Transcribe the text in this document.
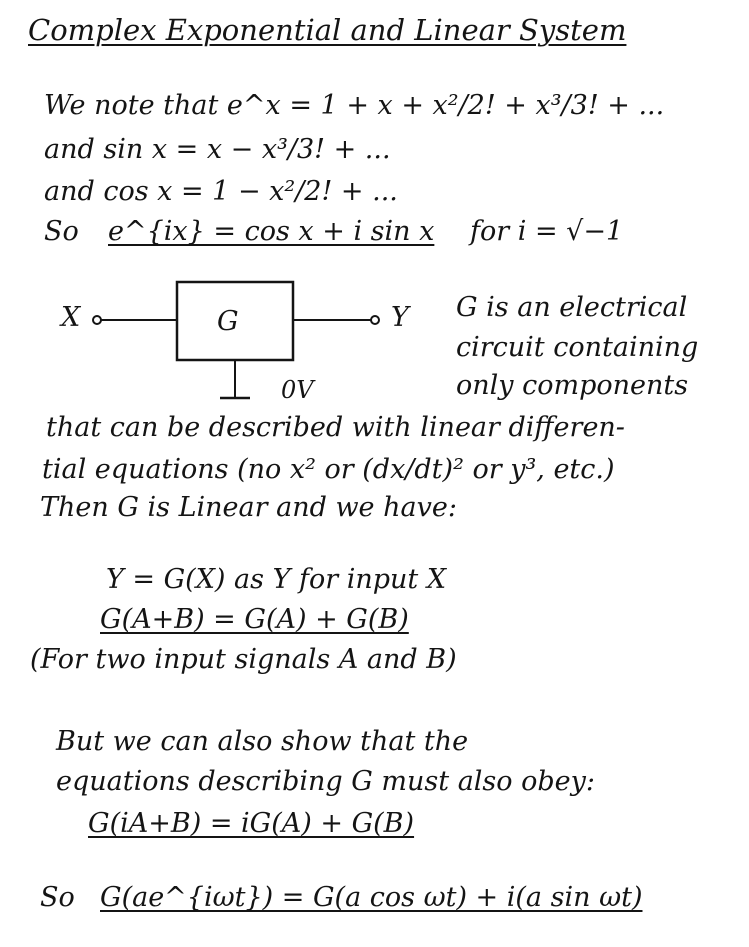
Complex Exponential and Linear System
We note that e^x = 1 + x + x²/2! + x³/3! + ...
and sin x = x − x³/3! + ...
and cos x = 1 − x²/2! + ...
So e^{ix} = cos x + i sin x for i = √−1
X	G	Y
0V
G is an electrical
circuit containing
only components
that can be described with linear differen-
tial equations (no x² or (dx/dt)² or y³, etc.)
Then G is Linear and we have:
Y = G(X) as Y for input X
G(A+B) = G(A) + G(B)
(For two input signals A and B)
But we can also show that the
equations describing G must also obey:
G(iA+B) = iG(A) + G(B)
So G(ae^{iωt}) = G(a cos ωt) + i(a sin ωt)
